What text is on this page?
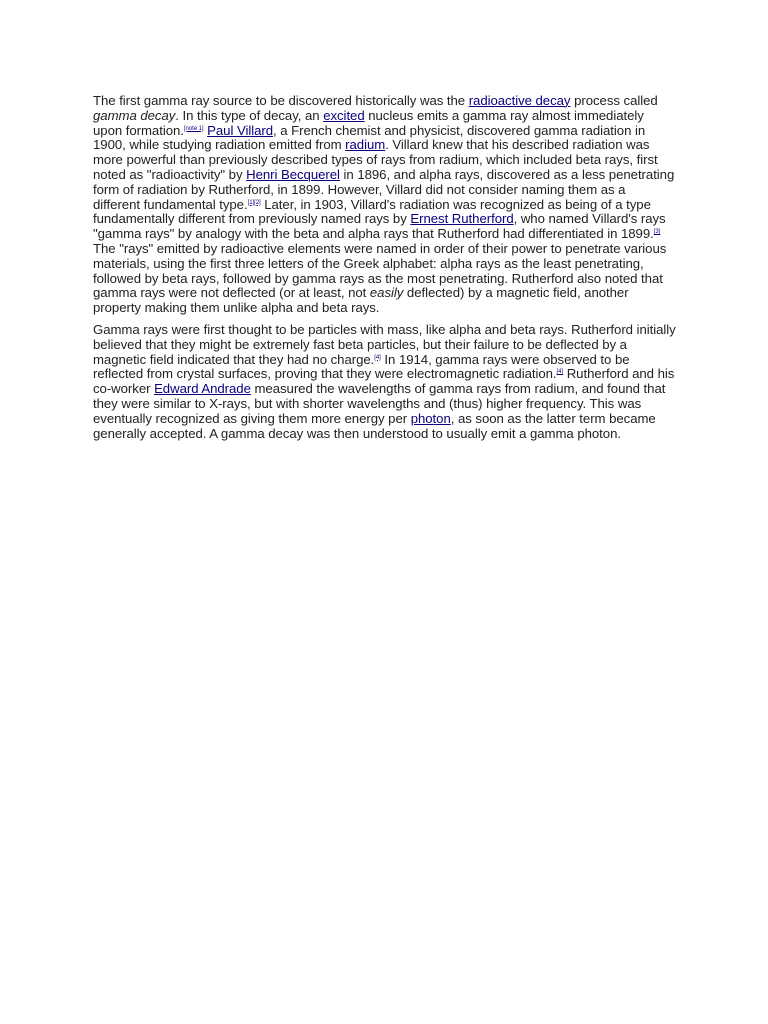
The first gamma ray source to be discovered historically was the radioactive decay process called gamma decay. In this type of decay, an excited nucleus emits a gamma ray almost immediately upon formation.[note 1] Paul Villard, a French chemist and physicist, discovered gamma radiation in 1900, while studying radiation emitted from radium. Villard knew that his described radiation was more powerful than previously described types of rays from radium, which included beta rays, first noted as "radioactivity" by Henri Becquerel in 1896, and alpha rays, discovered as a less penetrating form of radiation by Rutherford, in 1899. However, Villard did not consider naming them as a different fundamental type.[1][2] Later, in 1903, Villard's radiation was recognized as being of a type fundamentally different from previously named rays by Ernest Rutherford, who named Villard's rays "gamma rays" by analogy with the beta and alpha rays that Rutherford had differentiated in 1899.[3] The "rays" emitted by radioactive elements were named in order of their power to penetrate various materials, using the first three letters of the Greek alphabet: alpha rays as the least penetrating, followed by beta rays, followed by gamma rays as the most penetrating. Rutherford also noted that gamma rays were not deflected (or at least, not easily deflected) by a magnetic field, another property making them unlike alpha and beta rays.

Gamma rays were first thought to be particles with mass, like alpha and beta rays. Rutherford initially believed that they might be extremely fast beta particles, but their failure to be deflected by a magnetic field indicated that they had no charge.[4] In 1914, gamma rays were observed to be reflected from crystal surfaces, proving that they were electromagnetic radiation.[4] Rutherford and his co-worker Edward Andrade measured the wavelengths of gamma rays from radium, and found that they were similar to X-rays, but with shorter wavelengths and (thus) higher frequency. This was eventually recognized as giving them more energy per photon, as soon as the latter term became generally accepted. A gamma decay was then understood to usually emit a gamma photon.
